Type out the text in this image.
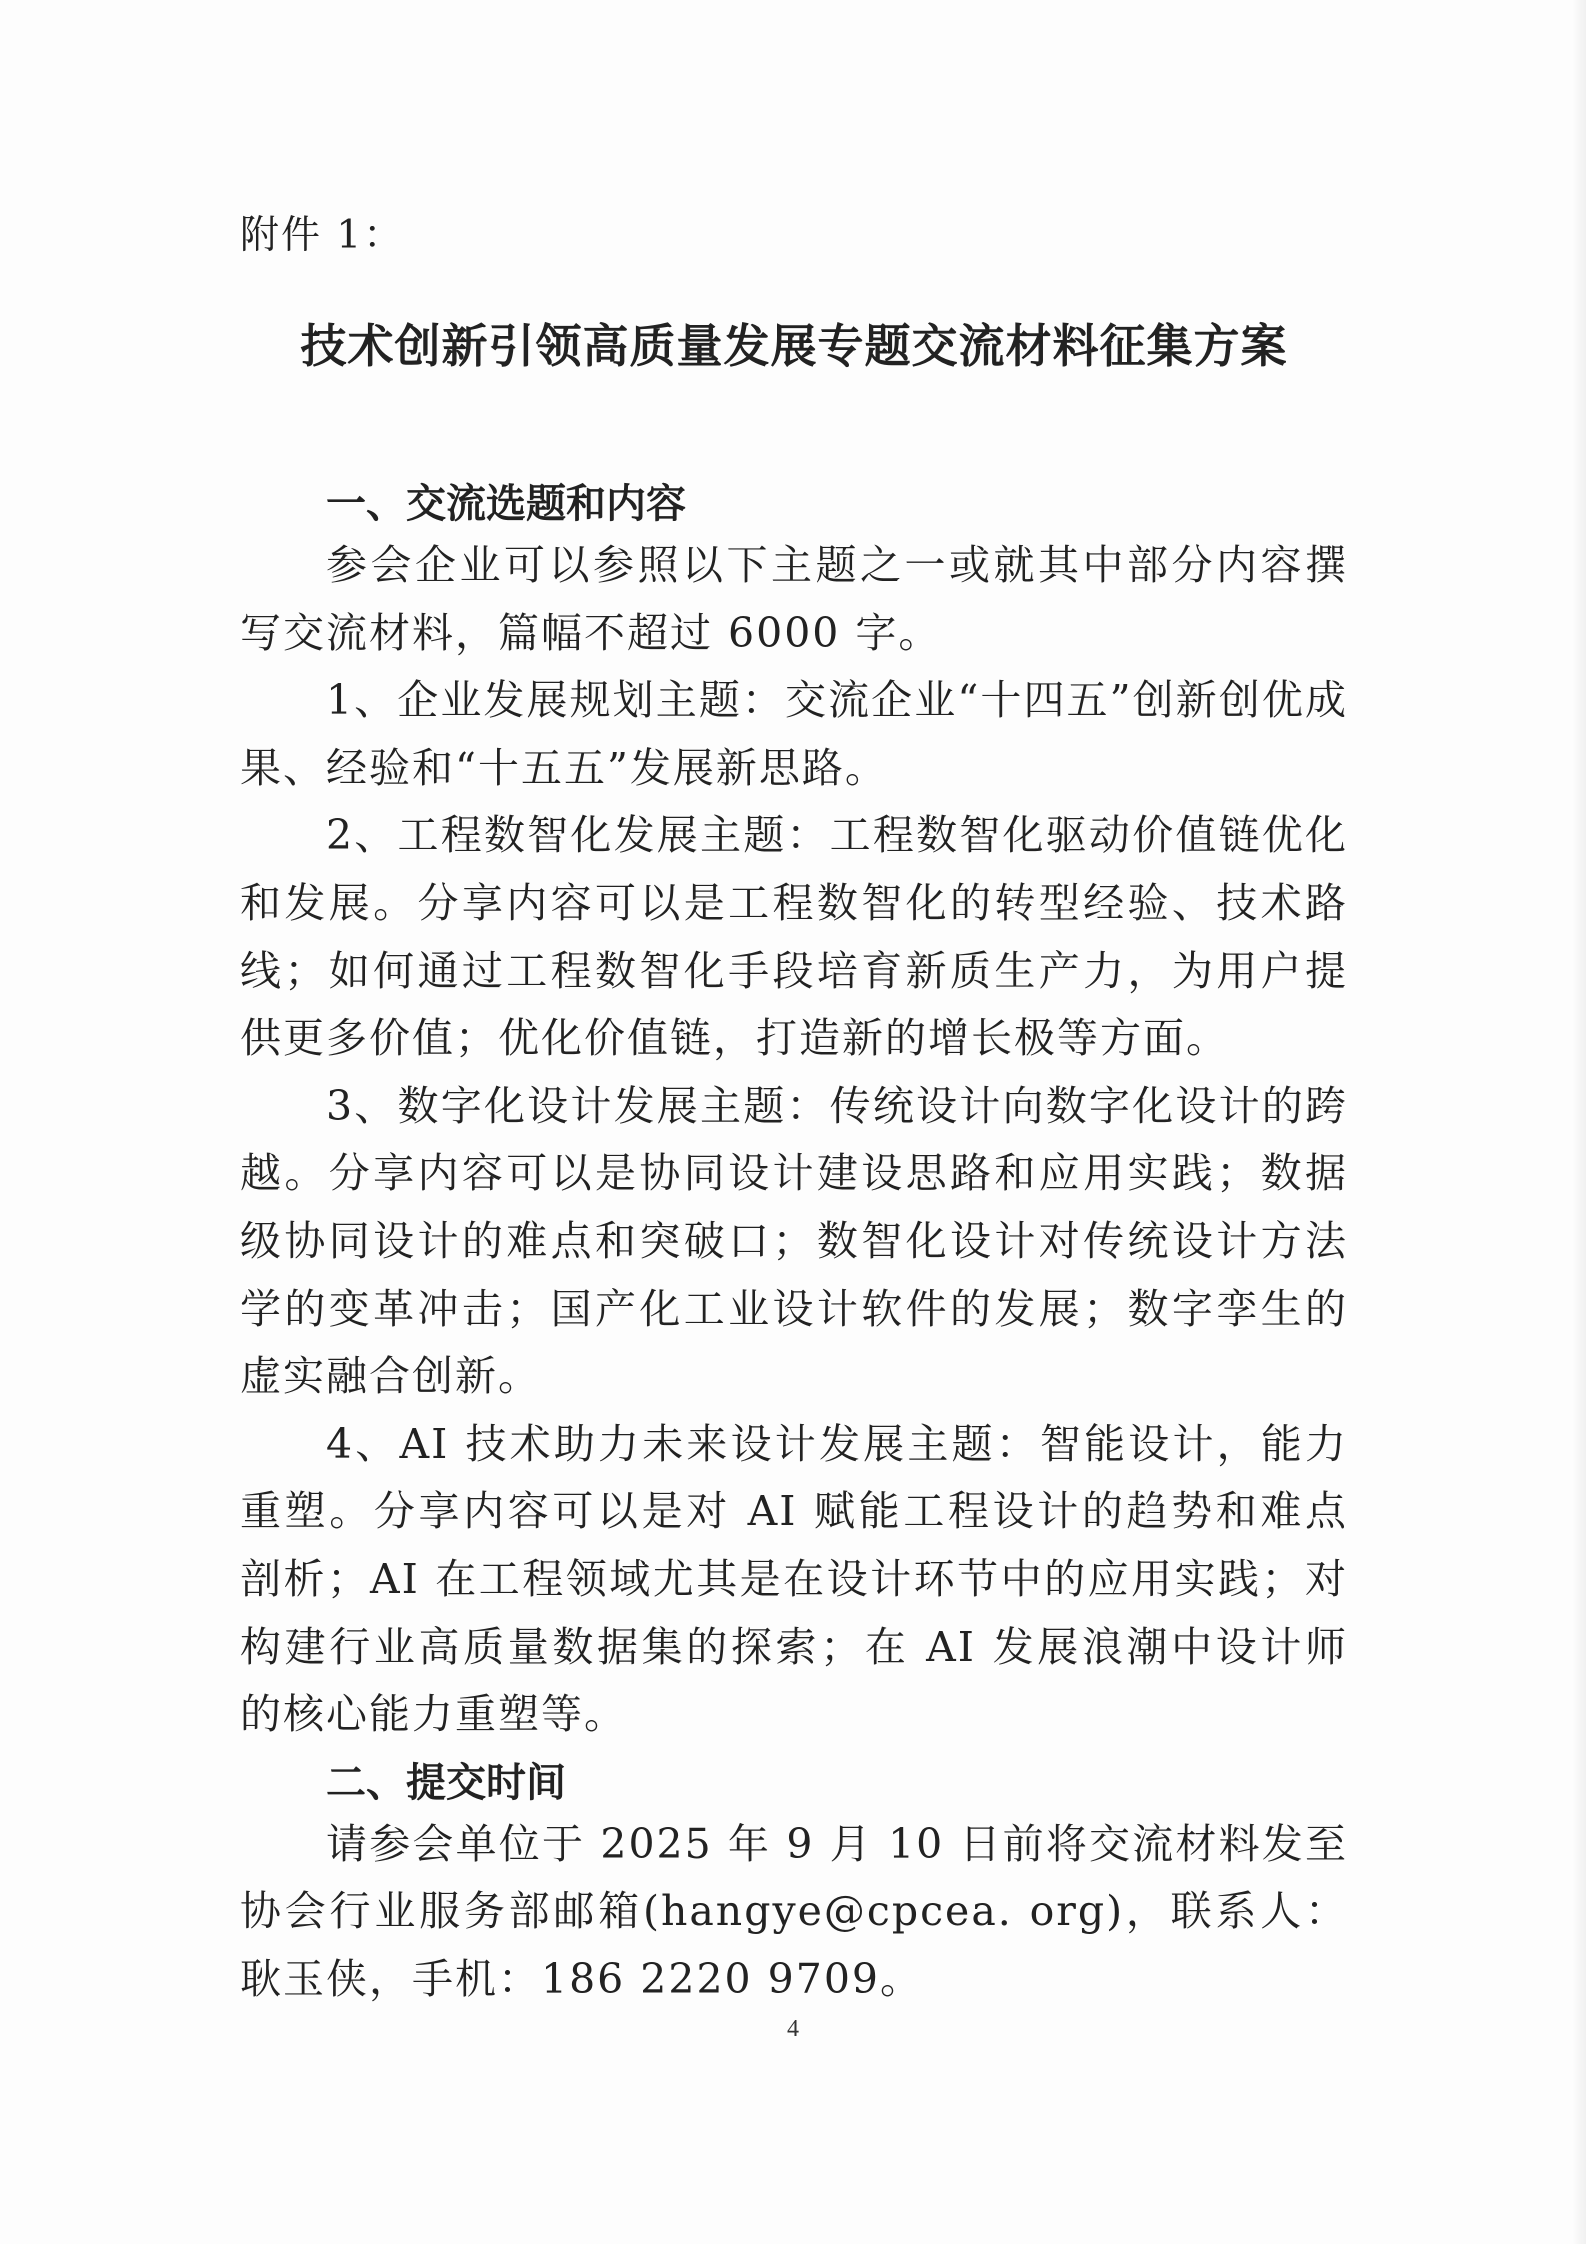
附件 1：

技术创新引领高质量发展专题交流材料征集方案
一、交流选题和内容

参会企业可以参照以下主题之一或就其中部分内容撰写交流材料，篇幅不超过 6000 字。

1、企业发展规划主题：交流企业“十四五”创新创优成果、经验和“十五五”发展新思路。

2、工程数智化发展主题：工程数智化驱动价值链优化和发展。分享内容可以是工程数智化的转型经验、技术路线；如何通过工程数智化手段培育新质生产力，为用户提供更多价值；优化价值链，打造新的增长极等方面。

3、数字化设计发展主题：传统设计向数字化设计的跨越。分享内容可以是协同设计建设思路和应用实践；数据级协同设计的难点和突破口；数智化设计对传统设计方法学的变革冲击；国产化工业设计软件的发展；数字孪生的虚实融合创新。

4、AI 技术助力未来设计发展主题：智能设计，能力重塑。分享内容可以是对 AI 赋能工程设计的趋势和难点剖析；AI 在工程领域尤其是在设计环节中的应用实践；对构建行业高质量数据集的探索；在 AI 发展浪潮中设计师的核心能力重塑等。

二、提交时间

请参会单位于 2025 年 9 月 10 日前将交流材料发至协会行业服务部邮箱(hangye@cpcea. org)，联系人：耿玉侠，手机：186 2220 9709。

4
